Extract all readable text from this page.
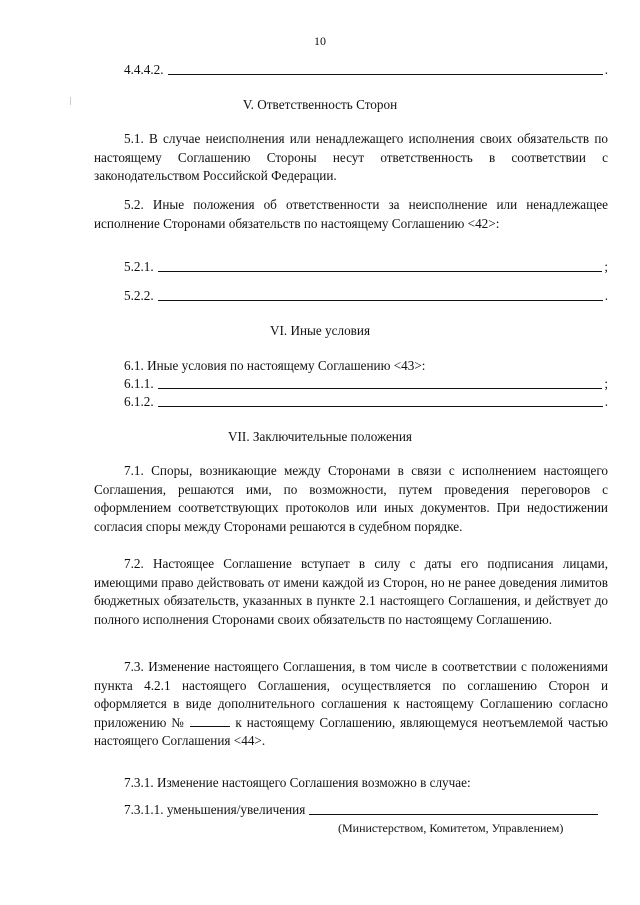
10
4.4.4.2.	.
V. Ответственность Сторон
5.1. В случае неисполнения или ненадлежащего исполнения своих обязательств по настоящему Соглашению Стороны несут ответственность в соответствии с законодательством Российской Федерации.
5.2. Иные положения об ответственности за неисполнение или ненадлежащее исполнение Сторонами обязательств по настоящему Соглашению <42>:
5.2.1.	;
5.2.2.	.
VI. Иные условия
6.1. Иные условия по настоящему Соглашению <43>:
6.1.1.	;
6.1.2.	.
VII. Заключительные положения
7.1. Споры, возникающие между Сторонами в связи с исполнением настоящего Соглашения, решаются ими, по возможности, путем проведения переговоров с оформлением соответствующих протоколов или иных документов. При недостижении согласия споры между Сторонами решаются в судебном порядке.
7.2. Настоящее Соглашение вступает в силу с даты его подписания лицами, имеющими право действовать от имени каждой из Сторон, но не ранее доведения лимитов бюджетных обязательств, указанных в пункте 2.1 настоящего Соглашения, и действует до полного исполнения Сторонами своих обязательств по настоящему Соглашению.
7.3. Изменение настоящего Соглашения, в том числе в соответствии с положениями пункта 4.2.1 настоящего Соглашения, осуществляется по соглашению Сторон и оформляется в виде дополнительного соглашения к настоящему Соглашению согласно приложению №	к настоящему Соглашению, являющемуся неотъемлемой частью настоящего Соглашения <44>.
7.3.1. Изменение настоящего Соглашения возможно в случае:
7.3.1.1. уменьшения/увеличения
(Министерством, Комитетом, Управлением)
